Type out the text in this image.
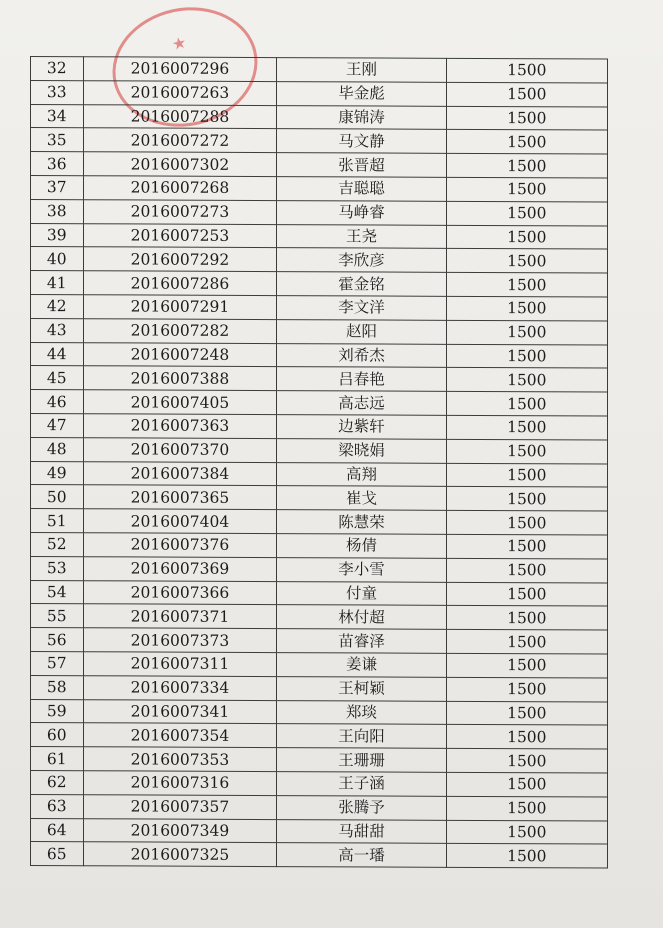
★
32	2016007296	王刚	1500
33	2016007263	毕金彪	1500
34	2016007288	康锦涛	1500
35	2016007272	马文静	1500
36	2016007302	张晋超	1500
37	2016007268	吉聪聪	1500
38	2016007273	马峥睿	1500
39	2016007253	王尧	1500
40	2016007292	李欣彦	1500
41	2016007286	霍金铭	1500
42	2016007291	李文洋	1500
43	2016007282	赵阳	1500
44	2016007248	刘希杰	1500
45	2016007388	吕春艳	1500
46	2016007405	高志远	1500
47	2016007363	边紫轩	1500
48	2016007370	梁晓娟	1500
49	2016007384	高翔	1500
50	2016007365	崔戈	1500
51	2016007404	陈慧荣	1500
52	2016007376	杨倩	1500
53	2016007369	李小雪	1500
54	2016007366	付童	1500
55	2016007371	林付超	1500
56	2016007373	苗睿泽	1500
57	2016007311	姜谦	1500
58	2016007334	王柯颖	1500
59	2016007341	郑琰	1500
60	2016007354	王向阳	1500
61	2016007353	王珊珊	1500
62	2016007316	王子涵	1500
63	2016007357	张腾予	1500
64	2016007349	马甜甜	1500
65	2016007325	高一璠	1500
